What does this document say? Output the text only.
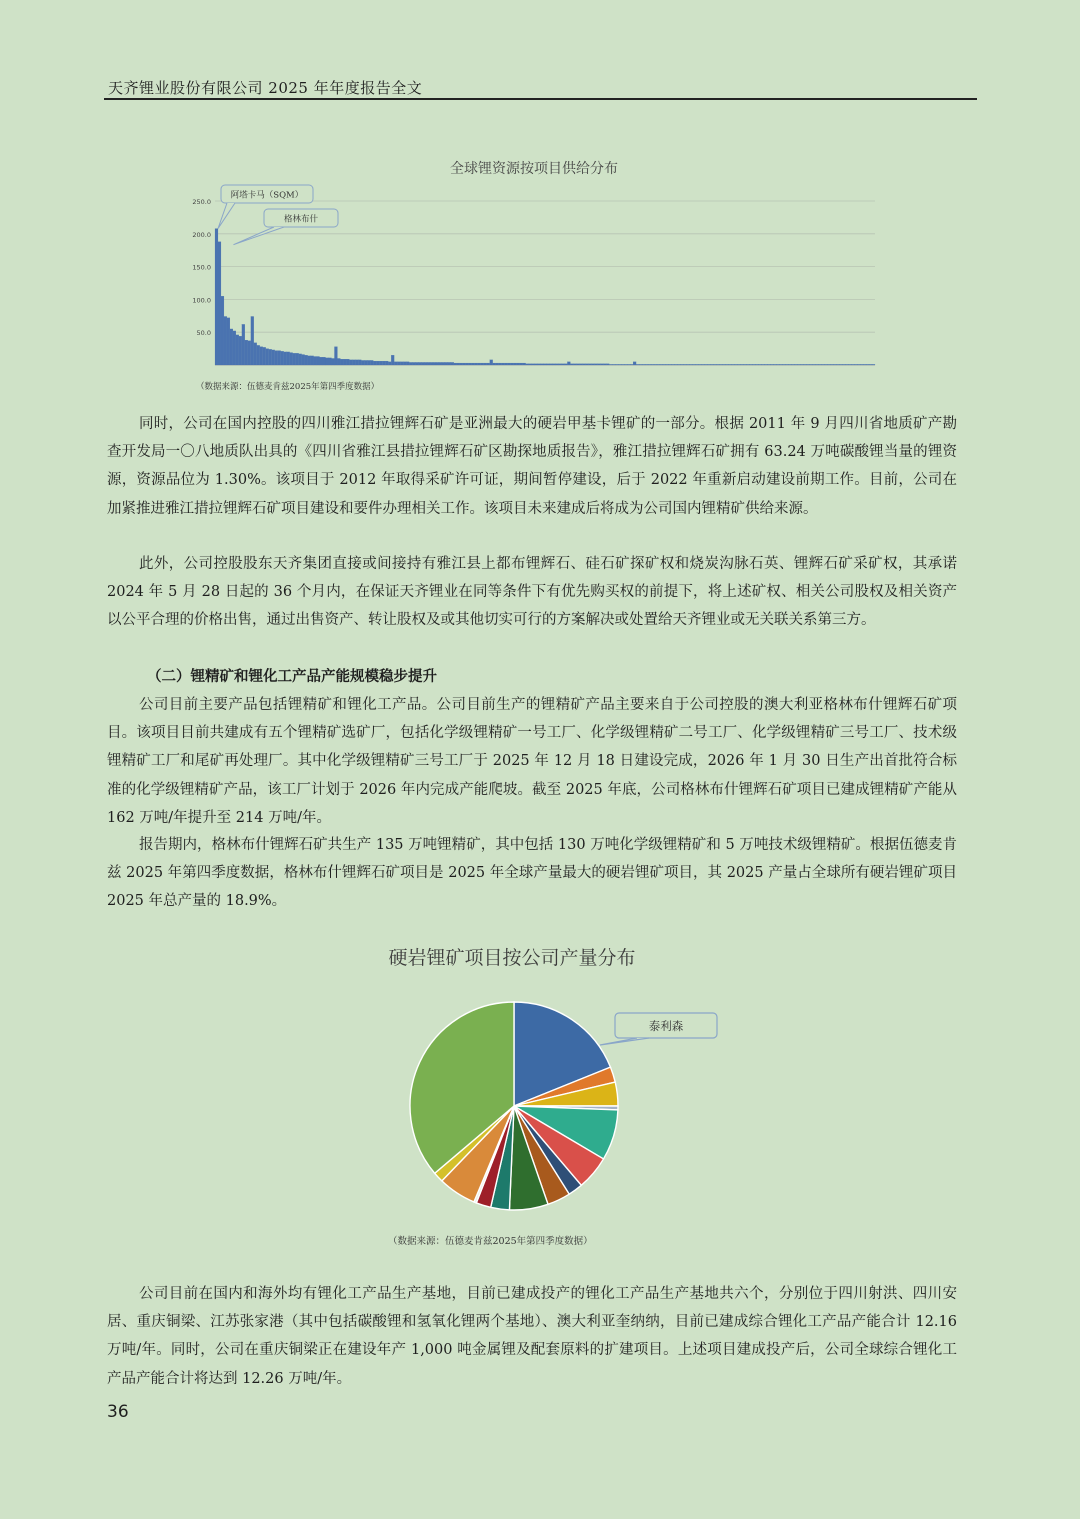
天齐锂业股份有限公司 2025 年年度报告全文
全球锂资源按项目供给分布
250.0
200.0
150.0
100.0
50.0
阿塔卡马（SQM）
格林布什
（数据来源：伍德麦肯兹2025年第四季度数据）

同时，公司在国内控股的四川雅江措拉锂辉石矿是亚洲最大的硬岩甲基卡锂矿的一部分。根据 2011 年 9 月四川省地质矿产勘查开发局一〇八地质队出具的《四川省雅江县措拉锂辉石矿区勘探地质报告》，雅江措拉锂辉石矿拥有 63.24 万吨碳酸锂当量的锂资源，资源品位为 1.30%。该项目于 2012 年取得采矿许可证，期间暂停建设，后于 2022 年重新启动建设前期工作。目前，公司在加紧推进雅江措拉锂辉石矿项目建设和要件办理相关工作。该项目未来建成后将成为公司国内锂精矿供给来源。

此外，公司控股股东天齐集团直接或间接持有雅江县上都布锂辉石、硅石矿探矿权和烧炭沟脉石英、锂辉石矿采矿权，其承诺 2024 年 5 月 28 日起的 36 个月内，在保证天齐锂业在同等条件下有优先购买权的前提下，将上述矿权、相关公司股权及相关资产以公平合理的价格出售，通过出售资产、转让股权及或其他切实可行的方案解决或处置给天齐锂业或无关联关系第三方。

（二）锂精矿和锂化工产品产能规模稳步提升

公司目前主要产品包括锂精矿和锂化工产品。公司目前生产的锂精矿产品主要来自于公司控股的澳大利亚格林布什锂辉石矿项目。该项目目前共建成有五个锂精矿选矿厂，包括化学级锂精矿一号工厂、化学级锂精矿二号工厂、化学级锂精矿三号工厂、技术级锂精矿工厂和尾矿再处理厂。其中化学级锂精矿三号工厂于 2025 年 12 月 18 日建设完成，2026 年 1 月 30 日生产出首批符合标准的化学级锂精矿产品，该工厂计划于 2026 年内完成产能爬坡。截至 2025 年底，公司格林布什锂辉石矿项目已建成锂精矿产能从 162 万吨/年提升至 214 万吨/年。

报告期内，格林布什锂辉石矿共生产 135 万吨锂精矿，其中包括 130 万吨化学级锂精矿和 5 万吨技术级锂精矿。根据伍德麦肯兹 2025 年第四季度数据，格林布什锂辉石矿项目是 2025 年全球产量最大的硬岩锂矿项目，其 2025 产量占全球所有硬岩锂矿项目 2025 年总产量的 18.9%。

硬岩锂矿项目按公司产量分布
泰利森
（数据来源：伍德麦肯兹2025年第四季度数据）

公司目前在国内和海外均有锂化工产品生产基地，目前已建成投产的锂化工产品生产基地共六个，分别位于四川射洪、四川安居、重庆铜梁、江苏张家港（其中包括碳酸锂和氢氧化锂两个基地）、澳大利亚奎纳纳，目前已建成综合锂化工产品产能合计 12.16 万吨/年。同时，公司在重庆铜梁正在建设年产 1,000 吨金属锂及配套原料的扩建项目。上述项目建成投产后，公司全球综合锂化工产品产能合计将达到 12.26 万吨/年。

36
